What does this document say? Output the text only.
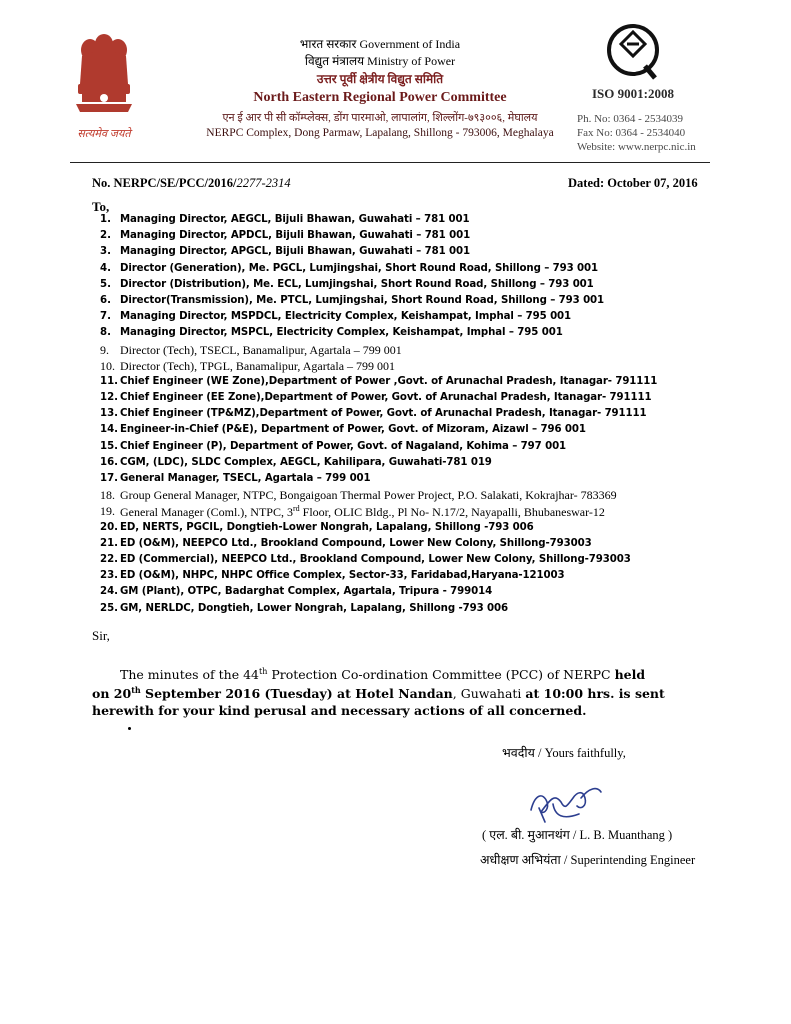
सत्यमेव जयते
भारत सरकार Government of India
विद्युत मंत्रालय Ministry of Power
उत्तर पूर्वी क्षेत्रीय विद्युत समिति
North Eastern Regional Power Committee
एन ई आर पी सी कॉम्प्लेक्स, डोंग पारमाओ, लापालांग, शिल्लोंग-७९३००६, मेघालय
NERPC Complex, Dong Parmaw, Lapalang, Shillong - 793006, Meghalaya
ISO 9001:2008
Ph. No: 0364 - 2534039
Fax No: 0364 - 2534040
Website: www.nerpc.nic.in
No. NERPC/SE/PCC/2016/2277-2314	Dated: October 07, 2016
To,
1. Managing Director, AEGCL, Bijuli Bhawan, Guwahati – 781 001
2. Managing Director, APDCL, Bijuli Bhawan, Guwahati – 781 001
3. Managing Director, APGCL, Bijuli Bhawan, Guwahati – 781 001
4. Director (Generation), Me. PGCL, Lumjingshai, Short Round Road, Shillong – 793 001
5. Director (Distribution), Me. ECL, Lumjingshai, Short Round Road, Shillong – 793 001
6. Director(Transmission), Me. PTCL, Lumjingshai, Short Round Road, Shillong – 793 001
7. Managing Director, MSPDCL, Electricity Complex, Keishampat, Imphal – 795 001
8. Managing Director, MSPCL, Electricity Complex, Keishampat, Imphal – 795 001
9. Director (Tech), TSECL, Banamalipur, Agartala – 799 001
10. Director (Tech), TPGL, Banamalipur, Agartala – 799 001
11. Chief Engineer (WE Zone),Department of Power ,Govt. of Arunachal Pradesh, Itanagar- 791111
12. Chief Engineer (EE Zone),Department of Power, Govt. of Arunachal Pradesh, Itanagar- 791111
13. Chief Engineer (TP&MZ),Department of Power, Govt. of Arunachal Pradesh, Itanagar- 791111
14. Engineer-in-Chief (P&E), Department of Power, Govt. of Mizoram, Aizawl – 796 001
15. Chief Engineer (P), Department of Power, Govt. of Nagaland, Kohima – 797 001
16. CGM, (LDC), SLDC Complex, AEGCL, Kahilipara, Guwahati-781 019
17. General Manager, TSECL, Agartala – 799 001
18. Group General Manager, NTPC, Bongaigoan Thermal Power Project, P.O. Salakati, Kokrajhar- 783369
19. General Manager (Coml.), NTPC, 3rd Floor, OLIC Bldg., Pl No- N.17/2, Nayapalli, Bhubaneswar-12
20. ED, NERTS, PGCIL, Dongtieh-Lower Nongrah, Lapalang, Shillong -793 006
21. ED (O&M), NEEPCO Ltd., Brookland Compound, Lower New Colony, Shillong-793003
22. ED (Commercial), NEEPCO Ltd., Brookland Compound, Lower New Colony, Shillong-793003
23. ED (O&M), NHPC, NHPC Office Complex, Sector-33, Faridabad,Haryana-121003
24. GM (Plant), OTPC, Badarghat Complex, Agartala, Tripura - 799014
25. GM, NERLDC, Dongtieh, Lower Nongrah, Lapalang, Shillong -793 006
Sir,
The minutes of the 44th Protection Co-ordination Committee (PCC) of NERPC held
on 20th September 2016 (Tuesday) at Hotel Nandan, Guwahati at 10:00 hrs. is sent
herewith for your kind perusal and necessary actions of all concerned.
भवदीय / Yours faithfully,
( एल. बी. मुआनथंग / L. B. Muanthang )
अधीक्षण अभियंता / Superintending Engineer
